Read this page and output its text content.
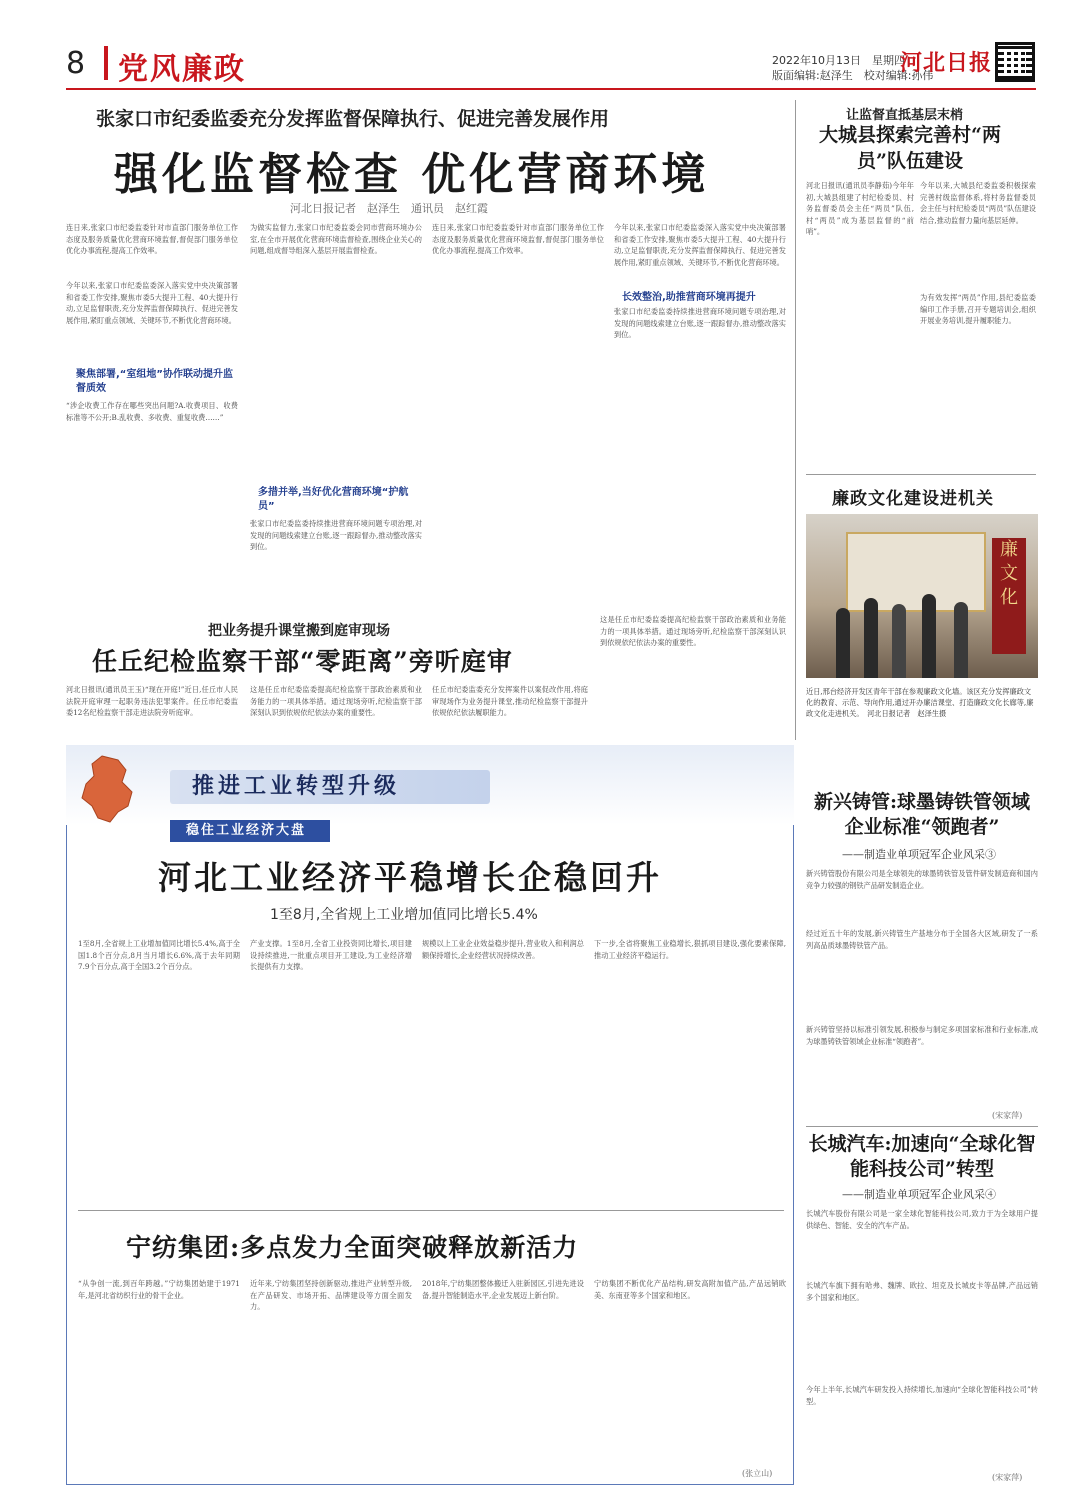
8 党风廉政	2022年10月13日　星期四
版面编辑:赵泽生　校对编辑:孙伟
河北日报
张家口市纪委监委充分发挥监督保障执行、促进完善发展作用
强化监督检查 优化营商环境
河北日报记者　赵泽生　通讯员　赵红霞
连日来,张家口市纪委监委针对市直部门服务单位工作态度及服务质量优化营商环境监督,督促部门服务单位优化办事流程,提高工作效率。
今年以来,张家口市纪委监委深入落实党中央决策部署和省委工作安排,聚焦市委5大提升工程、40大提升行动,立足监督职责,充分发挥监督保障执行、促进完善发展作用,紧盯重点领域、关键环节,不断优化营商环境。
聚焦部署,“室组地”协作联动提升监督质效
“涉企收费工作存在哪些突出问题?A.收费项目、收费标准等不公开;B.乱收费、多收费、重复收费……”
为做实监督力,张家口市纪委监委会同市营商环境办公室,在全市开展优化营商环境监督检查,围绕企业关心的问题,组成督导组深入基层开展监督检查。
多措并举,当好优化营商环境“护航员”
张家口市纪委监委持续推进营商环境问题专项治理,对发现的问题线索建立台账,逐一跟踪督办,推动整改落实到位。
连日来,张家口市纪委监委针对市直部门服务单位工作态度及服务质量优化营商环境监督,督促部门服务单位优化办事流程,提高工作效率。
今年以来,张家口市纪委监委深入落实党中央决策部署和省委工作安排,聚焦市委5大提升工程、40大提升行动,立足监督职责,充分发挥监督保障执行、促进完善发展作用,紧盯重点领域、关键环节,不断优化营商环境。
长效整治,助推营商环境再提升
张家口市纪委监委持续推进营商环境问题专项治理,对发现的问题线索建立台账,逐一跟踪督办,推动整改落实到位。
让监督直抵基层末梢
大城县探索完善村“两员”队伍建设
河北日报讯(通讯员李静茹)今年年初,大城县组建了村纪检委员、村务监督委员会主任“两员”队伍,村“两员”成为基层监督的“前哨”。
今年以来,大城县纪委监委积极探索完善村级监督体系,将村务监督委员会主任与村纪检委员“两员”队伍建设结合,推动监督力量向基层延伸。
为有效发挥“两员”作用,县纪委监委编印工作手册,召开专题培训会,组织开展业务培训,提升履职能力。
廉政文化建设进机关
廉文化
近日,邢台经济开发区青年干部在参观廉政文化墙。该区充分发挥廉政文化的教育、示范、导向作用,通过开办廉洁课堂、打造廉政文化长廊等,廉政文化走进机关。　河北日报记者　赵泽生摄
把业务提升课堂搬到庭审现场
任丘纪检监察干部“零距离”旁听庭审
河北日报讯(通讯员王玉)“现在开庭!”近日,任丘市人民法院开庭审理一起职务违法犯罪案件。任丘市纪委监委12名纪检监察干部走进法院旁听庭审。
这是任丘市纪委监委提高纪检监察干部政治素质和业务能力的一项具体举措。通过现场旁听,纪检监察干部深刻认识到依规依纪依法办案的重要性。
任丘市纪委监委充分发挥案件以案促改作用,将庭审现场作为业务提升课堂,推动纪检监察干部提升依规依纪依法履职能力。
这是任丘市纪委监委提高纪检监察干部政治素质和业务能力的一项具体举措。通过现场旁听,纪检监察干部深刻认识到依规依纪依法办案的重要性。
推进工业转型升级
稳住工业经济大盘
河北工业经济平稳增长企稳回升
1至8月,全省规上工业增加值同比增长5.4%
1至8月,全省规上工业增加值同比增长5.4%,高于全国1.8个百分点,8月当月增长6.6%,高于去年同期7.9个百分点,高于全国3.2个百分点。
产业支撑。1至8月,全省工业投资同比增长,项目建设持续推进,一批重点项目开工建设,为工业经济增长提供有力支撑。
规模以上工业企业效益稳步提升,营业收入和利润总额保持增长,企业经营状况持续改善。
下一步,全省将聚焦工业稳增长,狠抓项目建设,强化要素保障,推动工业经济平稳运行。
宁纺集团:多点发力全面突破释放新活力
“从争创一流,到百年跨越。”宁纺集团始建于1971年,是河北省纺织行业的骨干企业。
近年来,宁纺集团坚持创新驱动,推进产业转型升级,在产品研发、市场开拓、品牌建设等方面全面发力。
2018年,宁纺集团整体搬迁入驻新园区,引进先进设备,提升智能制造水平,企业发展迈上新台阶。
宁纺集团不断优化产品结构,研发高附加值产品,产品远销欧美、东南亚等多个国家和地区。
(张立山)
新兴铸管:球墨铸铁管领域企业标准“领跑者”
——制造业单项冠军企业风采③
新兴铸管股份有限公司是全球领先的球墨铸铁管及管件研发制造商和国内竞争力较强的钢铁产品研发制造企业。
经过近五十年的发展,新兴铸管生产基地分布于全国各大区域,研发了一系列高品质球墨铸铁管产品。
新兴铸管坚持以标准引领发展,积极参与制定多项国家标准和行业标准,成为球墨铸铁管领域企业标准“领跑者”。
(宋家萍)
长城汽车:加速向“全球化智能科技公司”转型
——制造业单项冠军企业风采④
长城汽车股份有限公司是一家全球化智能科技公司,致力于为全球用户提供绿色、智能、安全的汽车产品。
长城汽车旗下拥有哈弗、魏牌、欧拉、坦克及长城皮卡等品牌,产品远销多个国家和地区。
今年上半年,长城汽车研发投入持续增长,加速向“全球化智能科技公司”转型。
(宋家萍)
